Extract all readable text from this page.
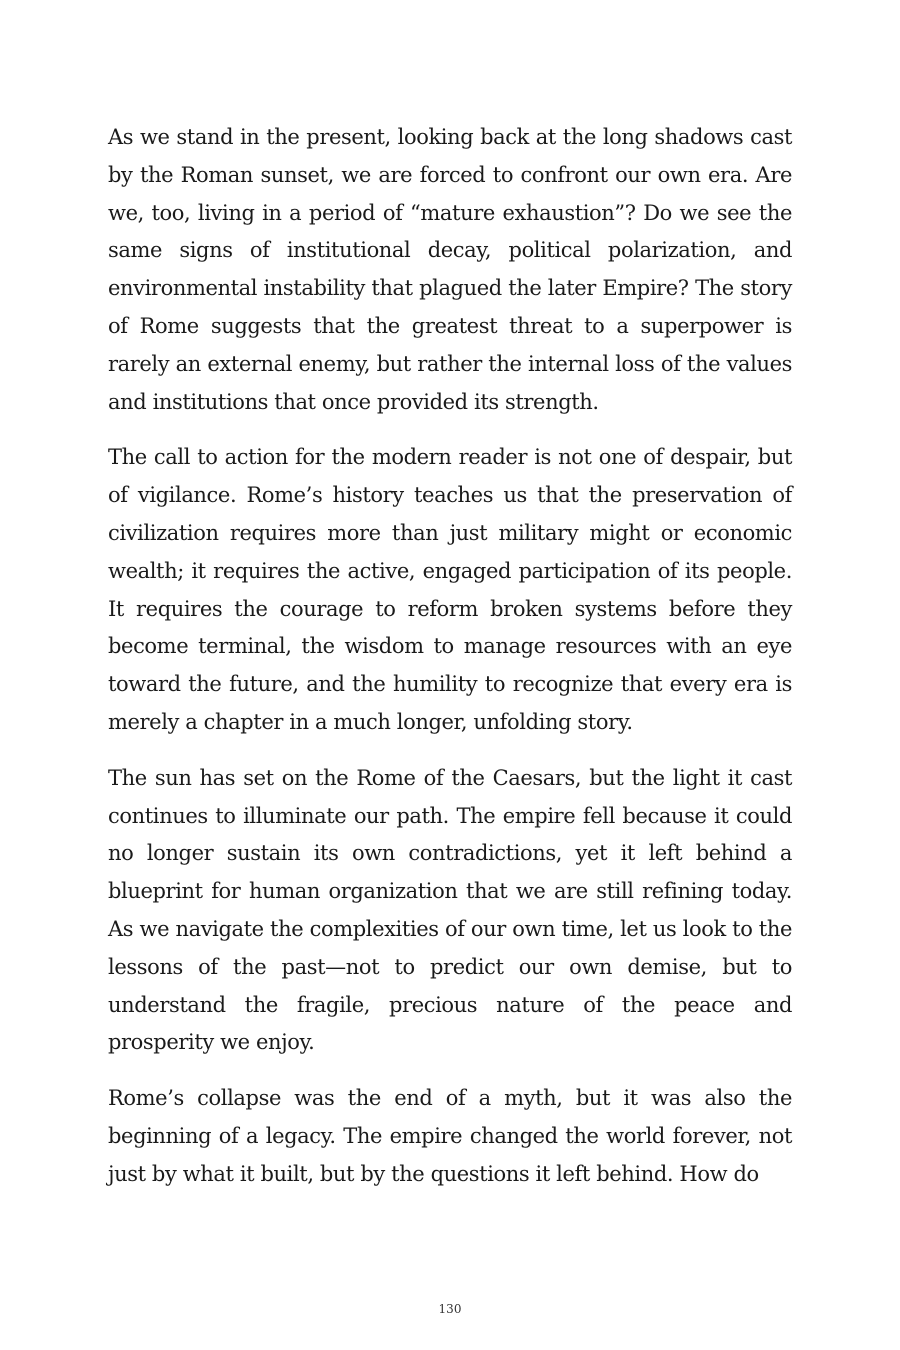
As we stand in the present, looking back at the long shadows cast by the Roman sunset, we are forced to confront our own era. Are we, too, living in a period of “mature exhaustion”? Do we see the same signs of institutional decay, political polarization, and environmental instability that plagued the later Empire? The story of Rome suggests that the greatest threat to a superpower is rarely an external enemy, but rather the internal loss of the values and institutions that once provided its strength.

The call to action for the modern reader is not one of despair, but of vigilance. Rome’s history teaches us that the preservation of civilization requires more than just military might or economic wealth; it requires the active, engaged participation of its people. It requires the courage to reform broken systems before they become terminal, the wisdom to manage resources with an eye toward the future, and the humility to recognize that every era is merely a chapter in a much longer, unfolding story.

The sun has set on the Rome of the Caesars, but the light it cast continues to illuminate our path. The empire fell because it could no longer sustain its own contradictions, yet it left behind a blueprint for human organization that we are still refining today. As we navigate the complexities of our own time, let us look to the lessons of the past—not to predict our own demise, but to understand the fragile, precious nature of the peace and prosperity we enjoy.

Rome’s collapse was the end of a myth, but it was also the beginning of a legacy. The empire changed the world forever, not just by what it built, but by the questions it left behind. How do

130
